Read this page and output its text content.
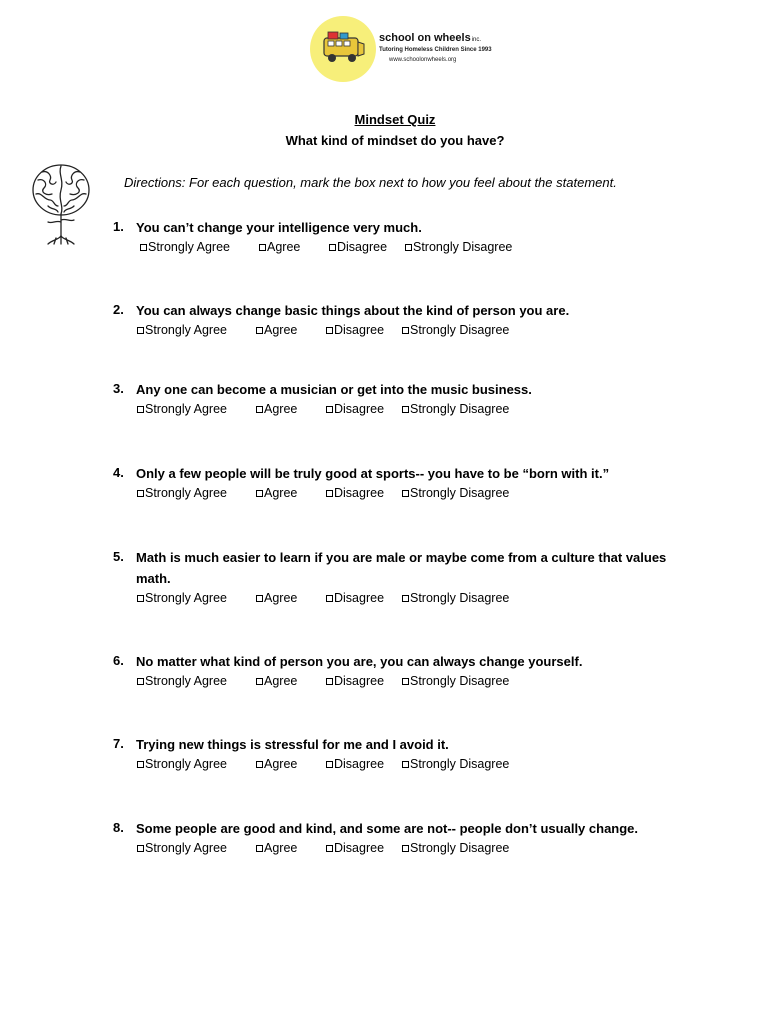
school on wheelsinc.
Tutoring Homeless Children Since 1993
www.schoolonwheels.org
Mindset Quiz
What kind of mindset do you have?
Directions: For each question, mark the box next to how you feel about the statement.
1. You can’t change your intelligence very much.
Strongly Agree	Agree	Disagree Strongly Disagree
2. You can always change basic things about the kind of person you are.
Strongly Agree	Agree	Disagree Strongly Disagree
3. Any one can become a musician or get into the music business.
Strongly Agree	Agree	Disagree Strongly Disagree
4. Only a few people will be truly good at sports-- you have to be “born with it.”
Strongly Agree	Agree	Disagree Strongly Disagree
5. Math is much easier to learn if you are male or maybe come from a culture that values math.
Strongly Agree	Agree	Disagree Strongly Disagree
6. No matter what kind of person you are, you can always change yourself.
Strongly Agree	Agree	Disagree Strongly Disagree
7. Trying new things is stressful for me and I avoid it.
Strongly Agree	Agree	Disagree Strongly Disagree
8. Some people are good and kind, and some are not-- people don’t usually change.
Strongly Agree	Agree	Disagree Strongly Disagree
